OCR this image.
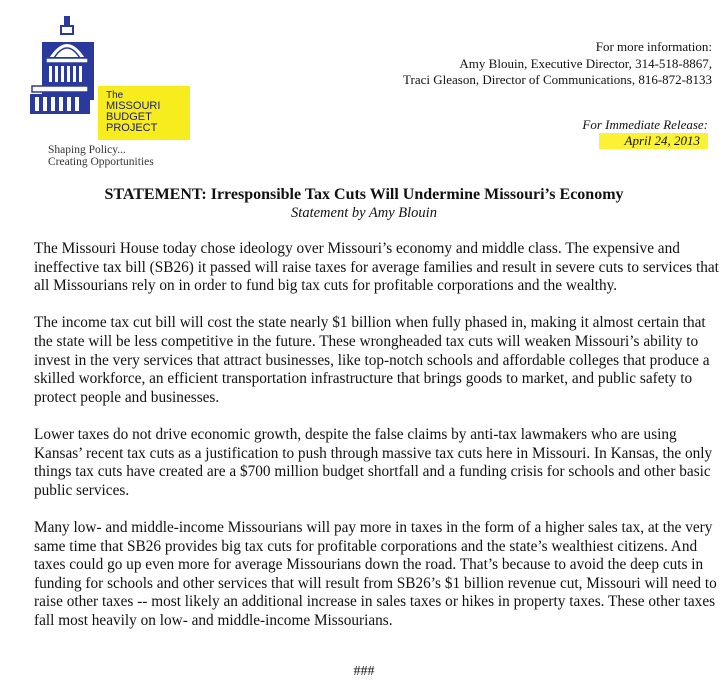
The
MISSOURI
BUDGET
PROJECT
Shaping Policy...
Creating Opportunities
For more information:
Amy Blouin, Executive Director, 314-518-8867,
Traci Gleason, Director of Communications, 816-872-8133
For Immediate Release:
April 24, 2013
STATEMENT: Irresponsible Tax Cuts Will Undermine Missouri’s Economy
Statement by Amy Blouin

The Missouri House today chose ideology over Missouri’s economy and middle class. The expensive and ineffective tax bill (SB26) it passed will raise taxes for average families and result in severe cuts to services that all Missourians rely on in order to fund big tax cuts for profitable corporations and the wealthy.

The income tax cut bill will cost the state nearly $1 billion when fully phased in, making it almost certain that the state will be less competitive in the future. These wrongheaded tax cuts will weaken Missouri’s ability to invest in the very services that attract businesses, like top-notch schools and affordable colleges that produce a skilled workforce, an efficient transportation infrastructure that brings goods to market, and public safety to protect people and businesses.

Lower taxes do not drive economic growth, despite the false claims by anti-tax lawmakers who are using Kansas’ recent tax cuts as a justification to push through massive tax cuts here in Missouri. In Kansas, the only things tax cuts have created are a $700 million budget shortfall and a funding crisis for schools and other basic public services.

Many low- and middle-income Missourians will pay more in taxes in the form of a higher sales tax, at the very same time that SB26 provides big tax cuts for profitable corporations and the state’s wealthiest citizens. And taxes could go up even more for average Missourians down the road. That’s because to avoid the deep cuts in funding for schools and other services that will result from SB26’s $1 billion revenue cut, Missouri will need to raise other taxes -- most likely an additional increase in sales taxes or hikes in property taxes. These other taxes fall most heavily on low- and middle-income Missourians.

###
